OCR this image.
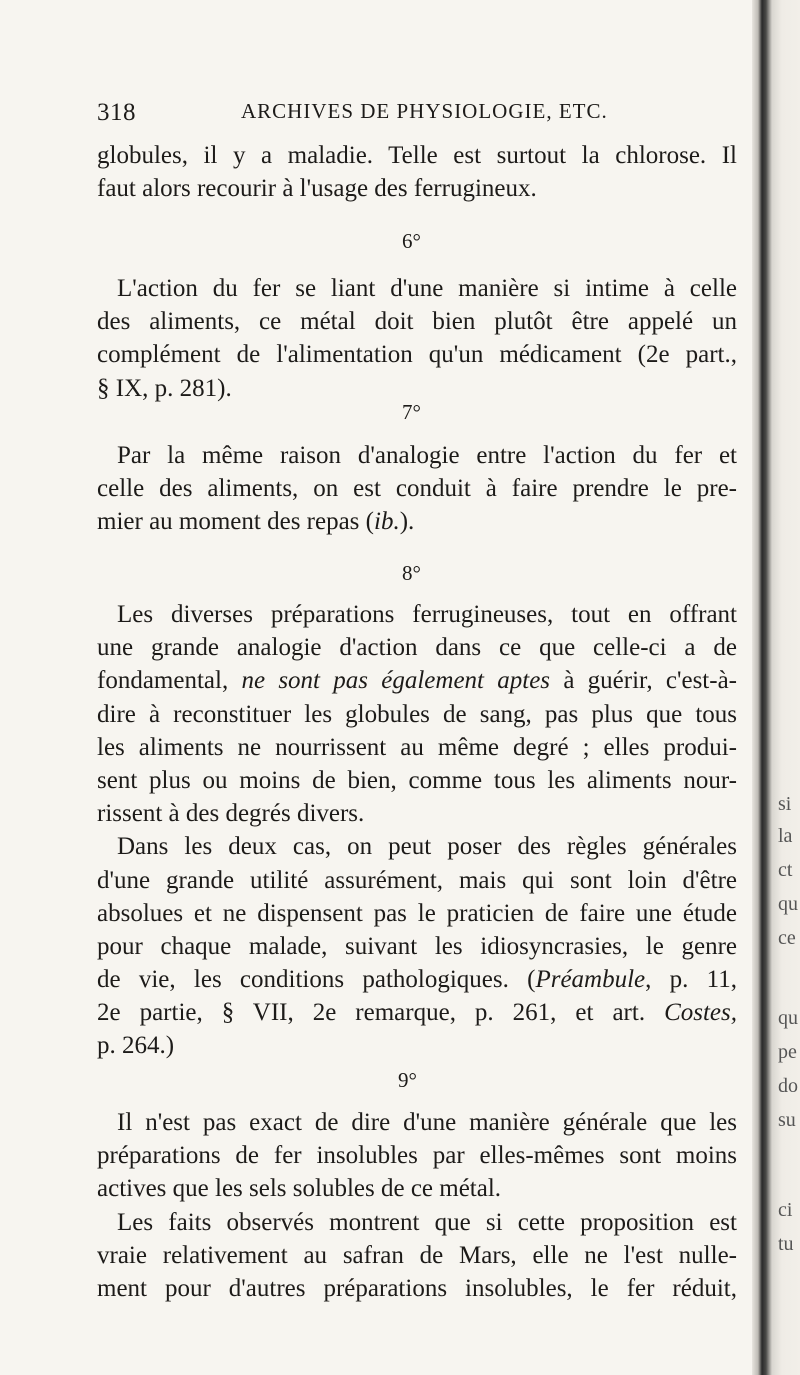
318	ARCHIVES DE PHYSIOLOGIE, ETC.
globules, il y a maladie. Telle est surtout la chlorose. Il
faut alors recourir à l'usage des ferrugineux.
6°
L'action du fer se liant d'une manière si intime à celle
des aliments, ce métal doit bien plutôt être appelé un
complément de l'alimentation qu'un médicament (2e part.,
§ IX, p. 281).
7°
Par la même raison d'analogie entre l'action du fer et
celle des aliments, on est conduit à faire prendre le pre-
mier au moment des repas (ib.).
8°
Les diverses préparations ferrugineuses, tout en offrant
une grande analogie d'action dans ce que celle-ci a de
fondamental, ne sont pas également aptes à guérir, c'est-à-
dire à reconstituer les globules de sang, pas plus que tous
les aliments ne nourrissent au même degré ; elles produi-
sent plus ou moins de bien, comme tous les aliments nour-
rissent à des degrés divers.
Dans les deux cas, on peut poser des règles générales
d'une grande utilité assurément, mais qui sont loin d'être
absolues et ne dispensent pas le praticien de faire une étude
pour chaque malade, suivant les idiosyncrasies, le genre
de vie, les conditions pathologiques. (Préambule, p. 11,
2e partie, § VII, 2e remarque, p. 261, et art. Costes,
p. 264.)
9°
Il n'est pas exact de dire d'une manière générale que les
préparations de fer insolubles par elles-mêmes sont moins
actives que les sels solubles de ce métal.
Les faits observés montrent que si cette proposition est
vraie relativement au safran de Mars, elle ne l'est nulle-
ment pour d'autres préparations insolubles, le fer réduit,
si
la
ct
qu
ce
qu
pe
do
su
ci
tu
